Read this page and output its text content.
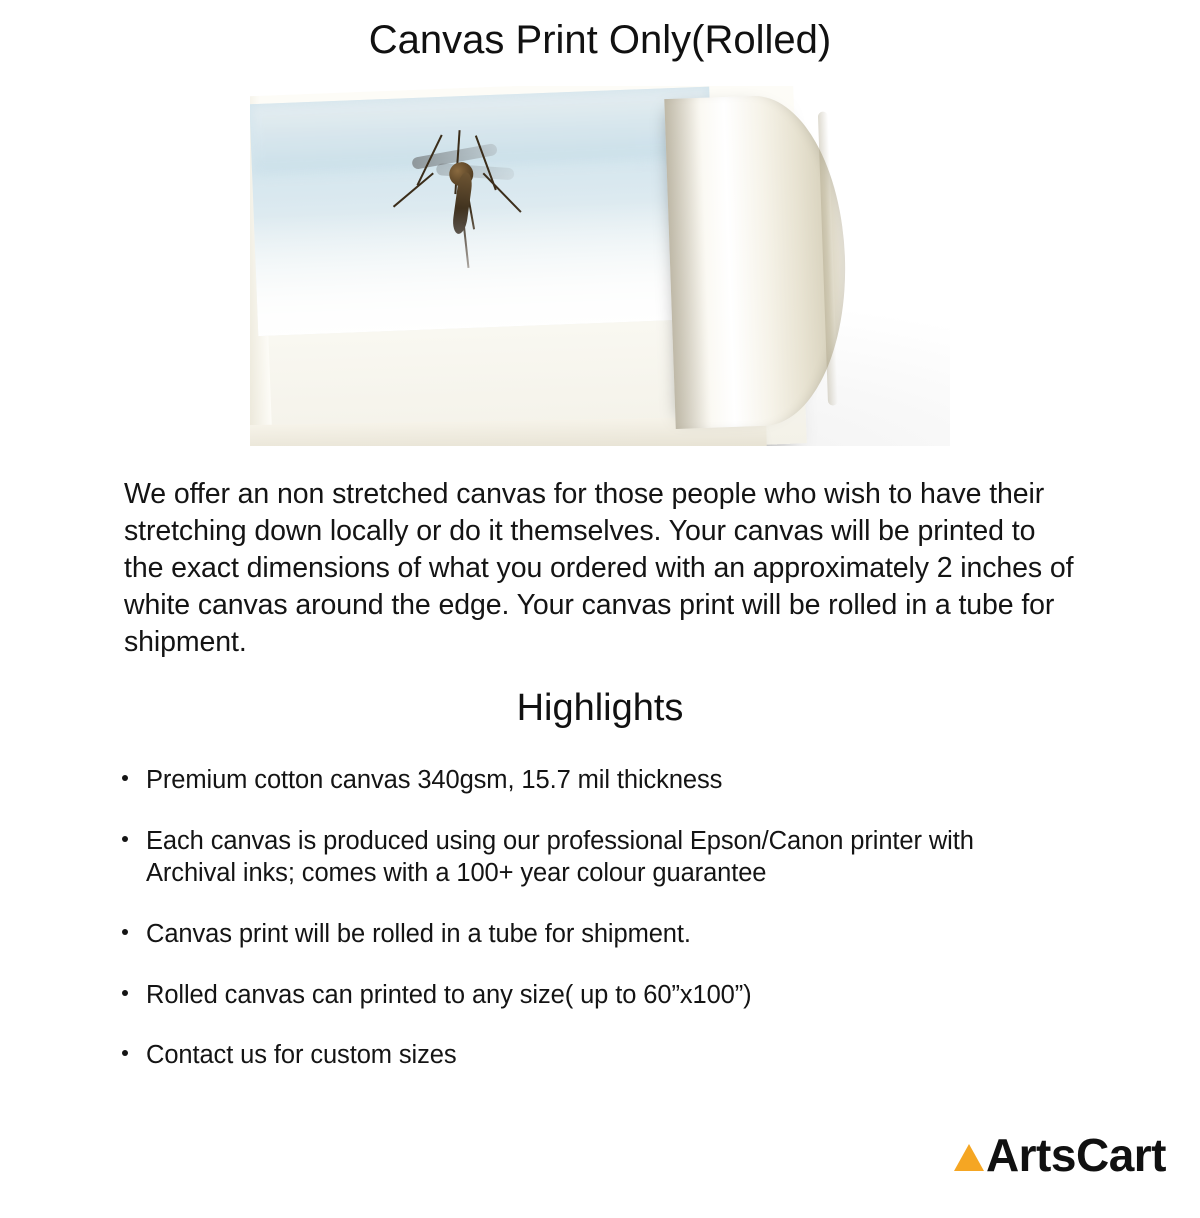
Canvas Print Only(Rolled)

We offer an non stretched canvas for those people who wish to have their stretching down locally or do it themselves. Your canvas will be printed to the exact dimensions of what you ordered with an approximately 2 inches of white canvas around the edge. Your canvas print will be rolled in a tube for shipment.

Highlights
Premium cotton canvas 340gsm, 15.7 mil thickness
Each canvas is produced using our professional Epson/Canon printer with Archival inks; comes with a 100+ year colour guarantee
Canvas print will be rolled in a tube for shipment.
Rolled canvas can printed to any size( up to 60”x100”)
Contact us for custom sizes
Arts Cart
